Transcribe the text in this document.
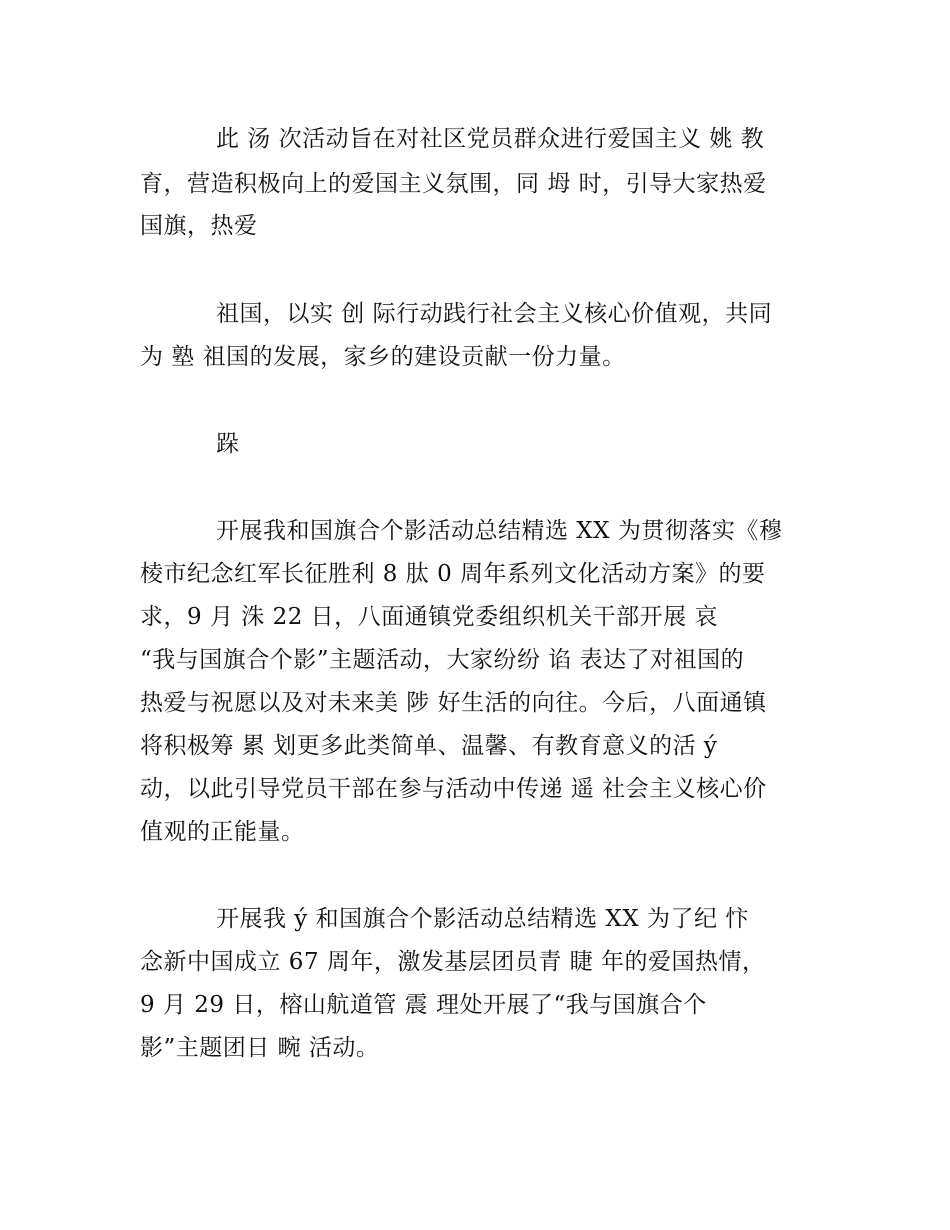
此 汤 次活动旨在对社区党员群众进行爱国主义 姚 教
育，营造积极向上的爱国主义氛围，同 坶 时，引导大家热爱
国旗，热爱
祖国，以实 创 际行动践行社会主义核心价值观，共同
为 塾 祖国的发展，家乡的建设贡献一份力量。
跺
开展我和国旗合个影活动总结精选 XX 为贯彻落实《穆
棱市纪念红军长征胜利 8 肽 0 周年系列文化活动方案》的要
求，9 月 洙 22 日，八面通镇党委组织机关干部开展 哀
“我与国旗合个影”主题活动，大家纷纷 谄 表达了对祖国的
热爱与祝愿以及对未来美 陟 好生活的向往。今后，八面通镇
将积极筹 累 划更多此类简单、温馨、有教育意义的活 ý
动，以此引导党员干部在参与活动中传递 遥 社会主义核心价
值观的正能量。
开展我 ý 和国旗合个影活动总结精选 XX 为了纪 忭
念新中国成立 67 周年，激发基层团员青 睫 年的爱国热情，
9 月 29 日，榕山航道管 震 理处开展了“我与国旗合个
影”主题团日 畹 活动。
